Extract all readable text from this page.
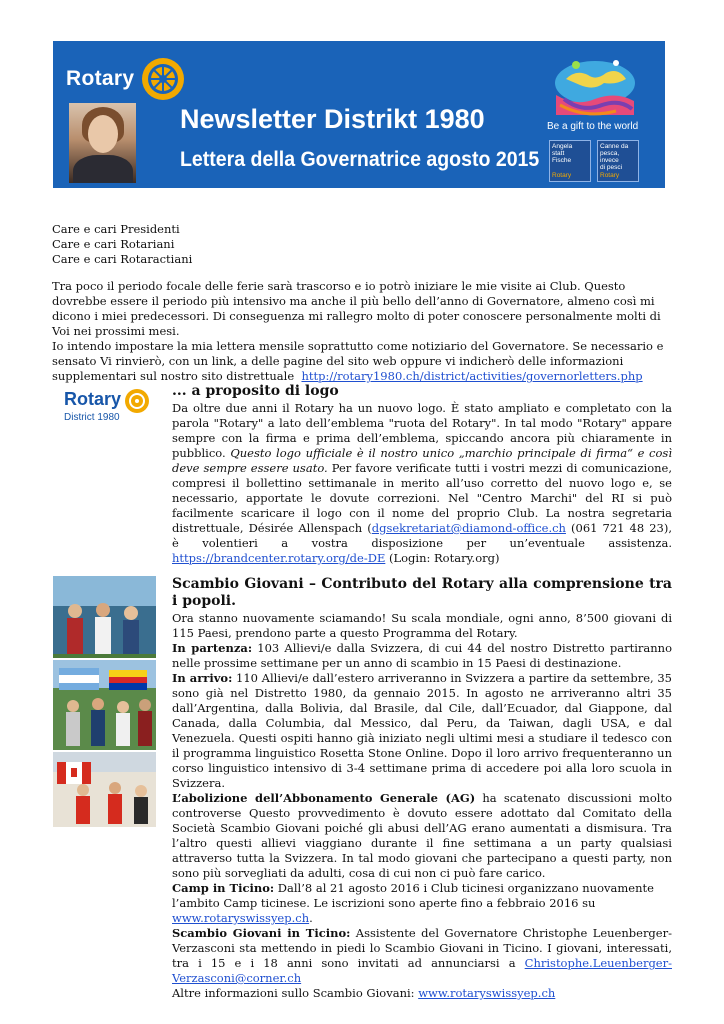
Rotary
Newsletter Distrikt 1980
Lettera della Governatrice agosto 2015
Be a gift to the world
Angela
statt
Fische
Rotary
Canne da
pesca, invece
di pesci
Rotary
Care e cari Presidenti
Care e cari Rotariani
Care e cari Rotaractiani

Tra poco il periodo focale delle ferie sarà trascorso e io potrò iniziare le mie visite ai Club. Questo dovrebbe essere il periodo più intensivo ma anche il più bello dell’anno di Governatore, almeno così mi dicono i miei predecessori. Di conseguenza mi rallegro molto di poter conoscere personalmente molti di Voi nei prossimi mesi.

Io intendo impostare la mia lettera mensile soprattutto come notiziario del Governatore. Se necessario e sensato Vi rinvierò, con un link, a delle pagine del sito web oppure vi indicherò delle informazioni supplementari sul nostro sito distrettuale http://rotary1980.ch/district/activities/governorletters.php

Rotary
District 1980
... a proposito di logo

Da oltre due anni il Rotary ha un nuovo logo. È stato ampliato e completato con la parola "Rotary" a lato dell’emblema "ruota del Rotary". In tal modo "Rotary" appare sempre con la firma e prima dell’emblema, spiccando ancora più chiaramente in pubblico. Questo logo ufficiale è il nostro unico „marchio principale di firma“ e così deve sempre essere usato. Per favore verificate tutti i vostri mezzi di comunicazione, compresi il bollettino settimanale in merito all’uso corretto del nuovo logo e, se necessario, apportate le dovute correzioni. Nel "Centro Marchi" del RI si può facilmente scaricare il logo con il nome del proprio Club. La nostra segretaria distrettuale, Désirée Allenspach (dgsekretariat@diamond-office.ch (061 721 48 23), è volentieri a vostra disposizione per un’eventuale assistenza. https://brandcenter.rotary.org/de-DE (Login: Rotary.org)

Scambio Giovani – Contributo del Rotary alla comprensione tra i popoli.

Ora stanno nuovamente sciamando! Su scala mondiale, ogni anno, 8’500 giovani di 115 Paesi, prendono parte a questo Programma del Rotary.

In partenza: 103 Allievi/e dalla Svizzera, di cui 44 del nostro Distretto partiranno nelle prossime settimane per un anno di scambio in 15 Paesi di destinazione.

In arrivo: 110 Allievi/e dall’estero arriveranno in Svizzera a partire da settembre, 35 sono già nel Distretto 1980, da gennaio 2015. In agosto ne arriveranno altri 35 dall’Argentina, dalla Bolivia, dal Brasile, dal Cile, dall’Ecuador, dal Giappone, dal Canada, dalla Columbia, dal Messico, dal Peru, da Taiwan, dagli USA, e dal Venezuela. Questi ospiti hanno già iniziato negli ultimi mesi a studiare il tedesco con il programma linguistico Rosetta Stone Online. Dopo il loro arrivo frequenteranno un corso linguistico intensivo di 3-4 settimane prima di accedere poi alla loro scuola in Svizzera.

L’abolizione dell’Abbonamento Generale (AG) ha scatenato discussioni molto controverse Questo provvedimento è dovuto essere adottato dal Comitato della Società Scambio Giovani poiché gli abusi dell’AG erano aumentati a dismisura. Tra l’altro questi allievi viaggiano durante il fine settimana a un party qualsiasi attraverso tutta la Svizzera. In tal modo giovani che partecipano a questi party, non sono più sorvegliati da adulti, cosa di cui non ci può fare carico.

Camp in Ticino: Dall’8 al 21 agosto 2016 i Club ticinesi organizzano nuovamente l’ambito Camp ticinese. Le iscrizioni sono aperte fino a febbraio 2016 su www.rotaryswissyep.ch.

Scambio Giovani in Ticino: Assistente del Governatore Christophe Leuenberger-Verzasconi sta mettendo in piedi lo Scambio Giovani in Ticino. I giovani, interessati, tra i 15 e i 18 anni sono invitati ad annunciarsi a Christophe.Leuenberger-Verzasconi@corner.ch

Altre informazioni sullo Scambio Giovani: www.rotaryswissyep.ch
